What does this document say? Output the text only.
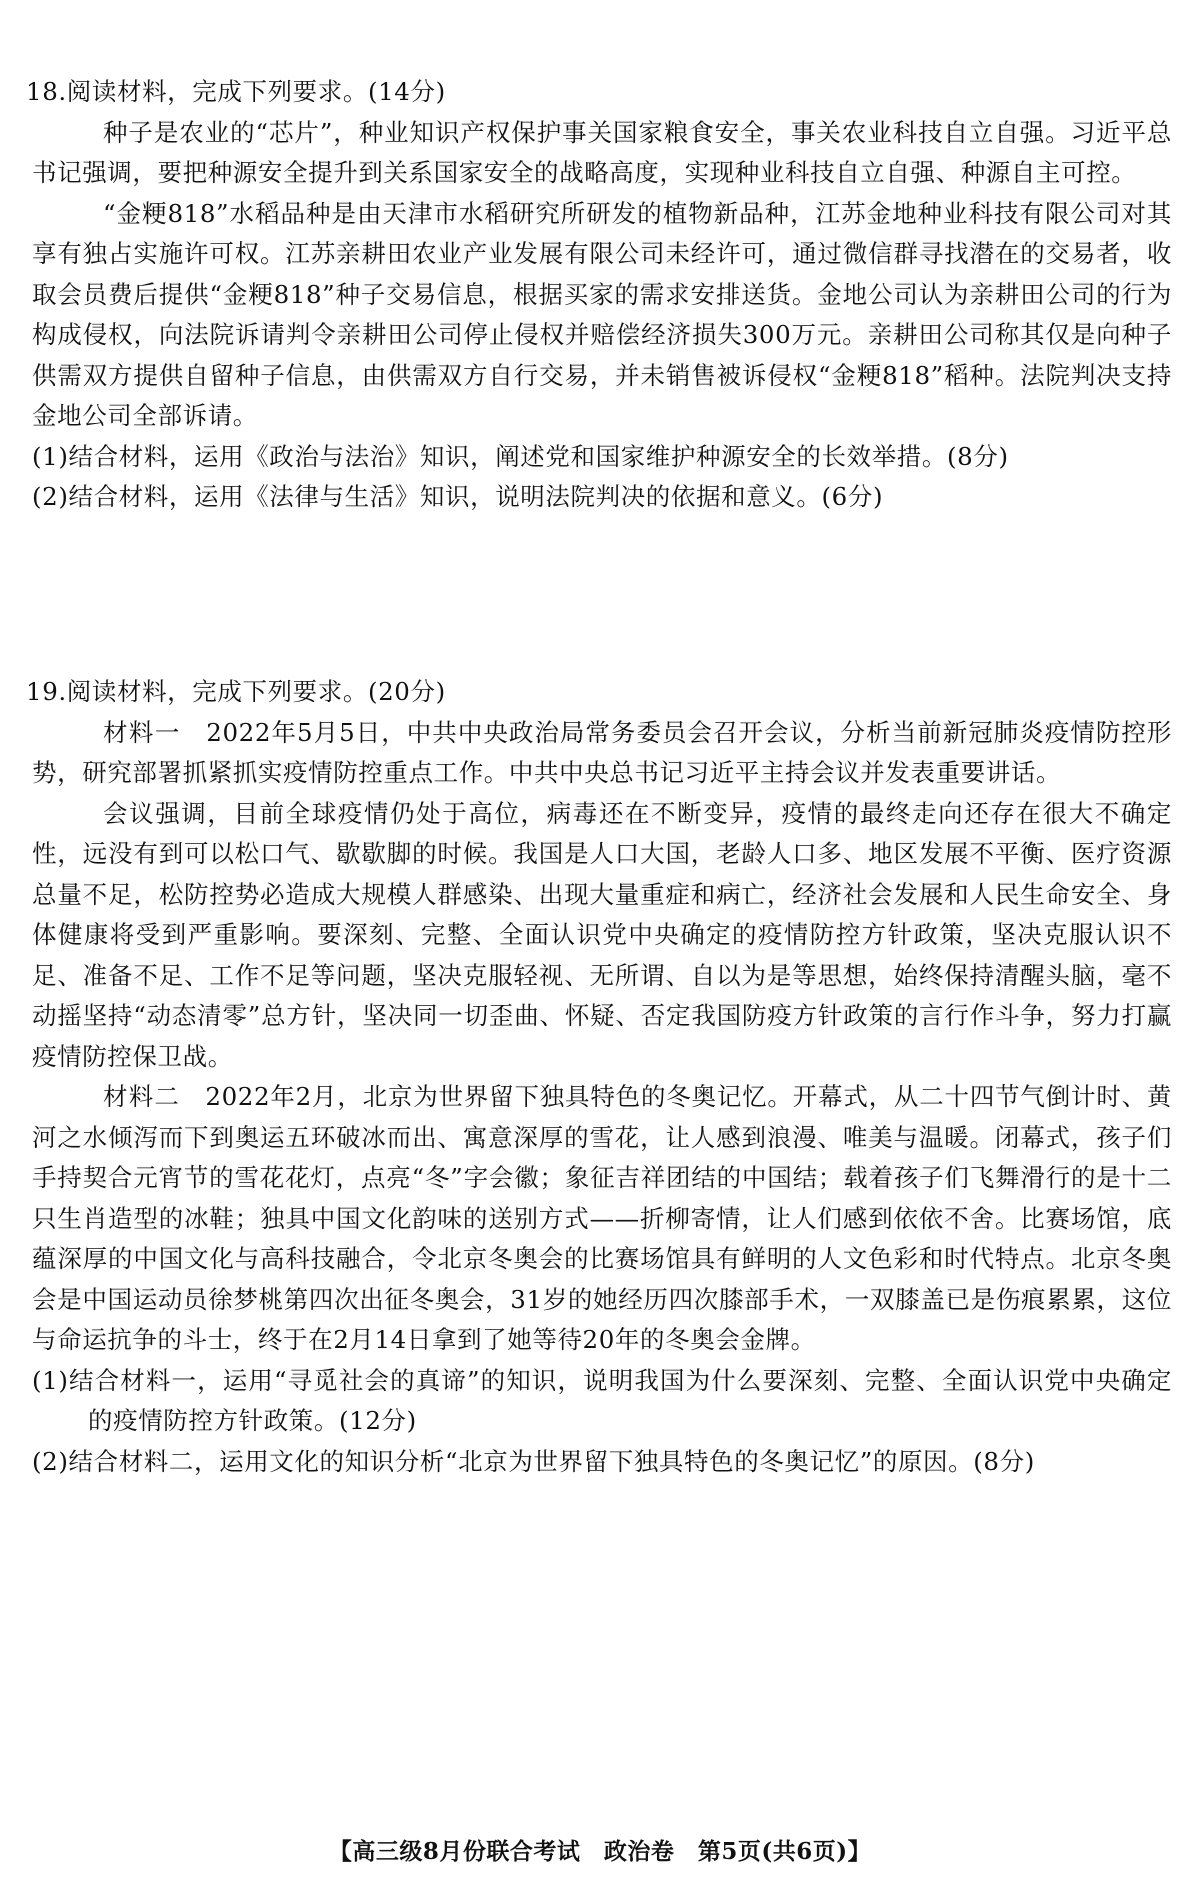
18.阅读材料，完成下列要求。(14分)

种子是农业的“芯片”，种业知识产权保护事关国家粮食安全，事关农业科技自立自强。习近平总书记强调，要把种源安全提升到关系国家安全的战略高度，实现种业科技自立自强、种源自主可控。

“金粳818”水稻品种是由天津市水稻研究所研发的植物新品种，江苏金地种业科技有限公司对其享有独占实施许可权。江苏亲耕田农业产业发展有限公司未经许可，通过微信群寻找潜在的交易者，收取会员费后提供“金粳818”种子交易信息，根据买家的需求安排送货。金地公司认为亲耕田公司的行为构成侵权，向法院诉请判令亲耕田公司停止侵权并赔偿经济损失300万元。亲耕田公司称其仅是向种子供需双方提供自留种子信息，由供需双方自行交易，并未销售被诉侵权“金粳818”稻种。法院判决支持金地公司全部诉请。

(1)结合材料，运用《政治与法治》知识，阐述党和国家维护种源安全的长效举措。(8分)

(2)结合材料，运用《法律与生活》知识，说明法院判决的依据和意义。(6分)

19.阅读材料，完成下列要求。(20分)

材料一　 2022年5月5日，中共中央政治局常务委员会召开会议，分析当前新冠肺炎疫情防控形势，研究部署抓紧抓实疫情防控重点工作。中共中央总书记习近平主持会议并发表重要讲话。

会议强调，目前全球疫情仍处于高位，病毒还在不断变异，疫情的最终走向还存在很大不确定性，远没有到可以松口气、歇歇脚的时候。我国是人口大国，老龄人口多、地区发展不平衡、医疗资源总量不足，松防控势必造成大规模人群感染、出现大量重症和病亡，经济社会发展和人民生命安全、身体健康将受到严重影响。要深刻、完整、全面认识党中央确定的疫情防控方针政策，坚决克服认识不足、准备不足、工作不足等问题，坚决克服轻视、无所谓、自以为是等思想，始终保持清醒头脑，毫不动摇坚持“动态清零”总方针，坚决同一切歪曲、怀疑、否定我国防疫方针政策的言行作斗争，努力打赢疫情防控保卫战。

材料二　 2022年2月，北京为世界留下独具特色的冬奥记忆。开幕式，从二十四节气倒计时、黄河之水倾泻而下到奥运五环破冰而出、寓意深厚的雪花，让人感到浪漫、唯美与温暖。闭幕式，孩子们手持契合元宵节的雪花花灯，点亮“冬”字会徽；象征吉祥团结的中国结；载着孩子们飞舞滑行的是十二只生肖造型的冰鞋；独具中国文化韵味的送别方式——折柳寄情，让人们感到依依不舍。比赛场馆，底蕴深厚的中国文化与高科技融合，令北京冬奥会的比赛场馆具有鲜明的人文色彩和时代特点。北京冬奥会是中国运动员徐梦桃第四次出征冬奥会，31岁的她经历四次膝部手术，一双膝盖已是伤痕累累，这位与命运抗争的斗士，终于在2月14日拿到了她等待20年的冬奥会金牌。

(1)结合材料一，运用“寻觅社会的真谛”的知识，说明我国为什么要深刻、完整、全面认识党中央确定的疫情防控方针政策。(12分)

(2)结合材料二，运用文化的知识分析“北京为世界留下独具特色的冬奥记忆”的原因。(8分)

【高三级8月份联合考试　政治卷　第5页(共6页)】
